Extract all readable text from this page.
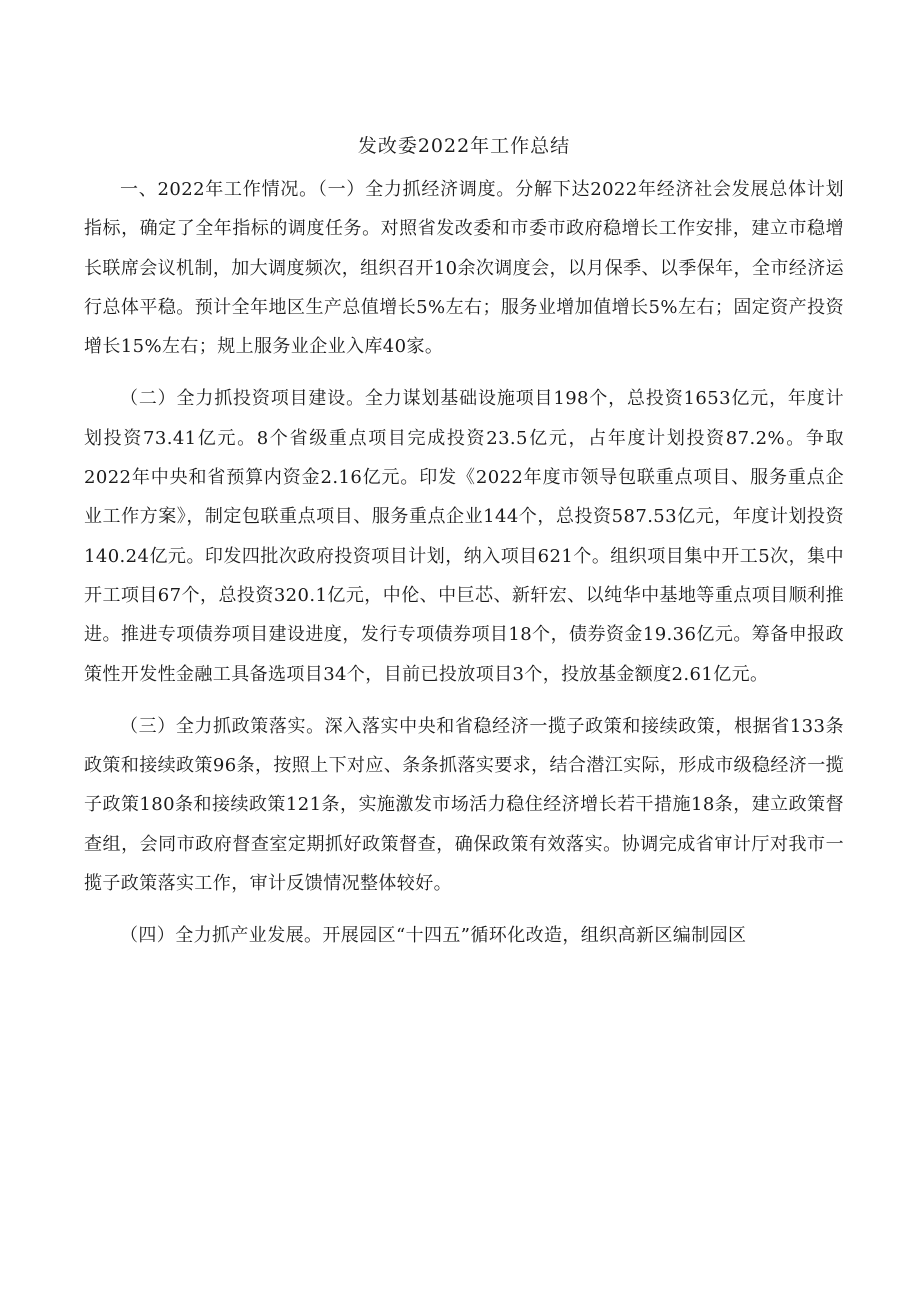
发改委2022年工作总结

一、2022年工作情况。（一）全力抓经济调度。分解下达2022年经济社会发展总体计划指标，确定了全年指标的调度任务。对照省发改委和市委市政府稳增长工作安排，建立市稳增长联席会议机制，加大调度频次，组织召开10余次调度会，以月保季、以季保年，全市经济运行总体平稳。预计全年地区生产总值增长5%左右；服务业增加值增长5%左右；固定资产投资增长15%左右；规上服务业企业入库40家。

（二）全力抓投资项目建设。全力谋划基础设施项目198个，总投资1653亿元，年度计划投资73.41亿元。8个省级重点项目完成投资23.5亿元，占年度计划投资87.2%。争取2022年中央和省预算内资金2.16亿元。印发《2022年度市领导包联重点项目、服务重点企业工作方案》，制定包联重点项目、服务重点企业144个，总投资587.53亿元，年度计划投资140.24亿元。印发四批次政府投资项目计划，纳入项目621个。组织项目集中开工5次，集中开工项目67个，总投资320.1亿元，中伦、中巨芯、新轩宏、以纯华中基地等重点项目顺利推进。推进专项债券项目建设进度，发行专项债券项目18个，债券资金19.36亿元。筹备申报政策性开发性金融工具备选项目34个，目前已投放项目3个，投放基金额度2.61亿元。

（三）全力抓政策落实。深入落实中央和省稳经济一揽子政策和接续政策，根据省133条政策和接续政策96条，按照上下对应、条条抓落实要求，结合潜江实际，形成市级稳经济一揽子政策180条和接续政策121条，实施激发市场活力稳住经济增长若干措施18条，建立政策督查组，会同市政府督查室定期抓好政策督查，确保政策有效落实。协调完成省审计厅对我市一揽子政策落实工作，审计反馈情况整体较好。

（四）全力抓产业发展。开展园区“十四五”循环化改造，组织高新区编制园区
